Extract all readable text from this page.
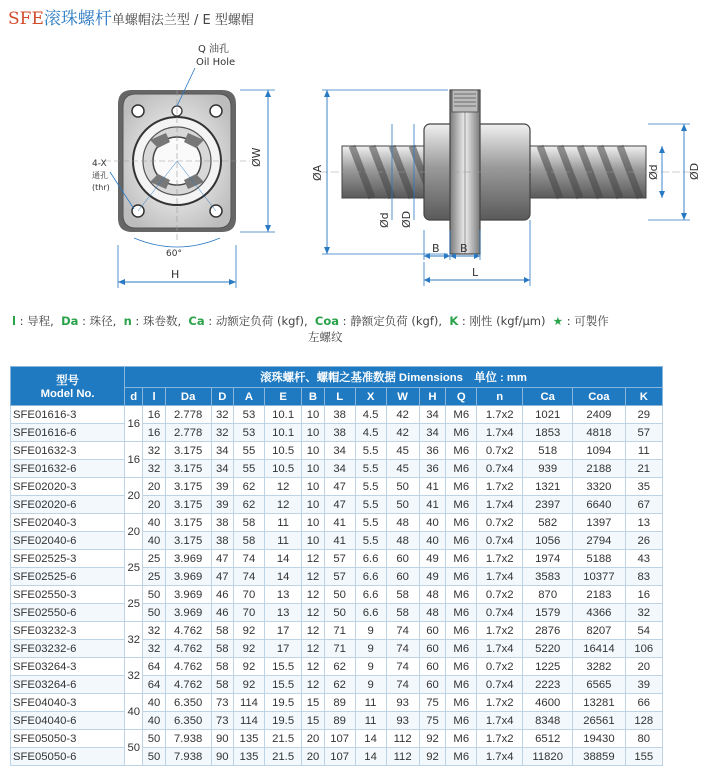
SFE滚珠螺杆单螺帽法兰型 / E 型螺帽
Q 油孔
Oil Hole
4-X
通孔
(thr)
60°
H
ØW
ØA
Ød ØD
B B
L
Ød	ØD
l : 导程, Da : 珠径, n : 珠卷数, Ca : 动额定负荷 (kgf), Coa : 静额定负荷 (kgf), K : 刚性 (kgf/μm) ★ : 可製作
左螺纹
型号
Model No.	滚珠螺杆、螺帽之基准数据 Dimensions　单位 : mm															
	d	l	Da	D	A	E	B	L	X	W	H	Q	n	Ca	Coa	K
SFE01616-3	16	16	2.778	32	53	10.1	10	38	4.5	42	34	M6	1.7x2	1021	2409	29
SFE01616-6		16	2.778	32	53	10.1	10	38	4.5	42	34	M6	1.7x4	1853	4818	57
SFE01632-3	16	32	3.175	34	55	10.5	10	34	5.5	45	36	M6	0.7x2	518	1094	11
SFE01632-6		32	3.175	34	55	10.5	10	34	5.5	45	36	M6	0.7x4	939	2188	21
SFE02020-3	20	20	3.175	39	62	12	10	47	5.5	50	41	M6	1.7x2	1321	3320	35
SFE02020-6		20	3.175	39	62	12	10	47	5.5	50	41	M6	1.7x4	2397	6640	67
SFE02040-3	20	40	3.175	38	58	11	10	41	5.5	48	40	M6	0.7x2	582	1397	13
SFE02040-6		40	3.175	38	58	11	10	41	5.5	48	40	M6	0.7x4	1056	2794	26
SFE02525-3	25	25	3.969	47	74	14	12	57	6.6	60	49	M6	1.7x2	1974	5188	43
SFE02525-6		25	3.969	47	74	14	12	57	6.6	60	49	M6	1.7x4	3583	10377	83
SFE02550-3	25	50	3.969	46	70	13	12	50	6.6	58	48	M6	0.7x2	870	2183	16
SFE02550-6		50	3.969	46	70	13	12	50	6.6	58	48	M6	0.7x4	1579	4366	32
SFE03232-3	32	32	4.762	58	92	17	12	71	9	74	60	M6	1.7x2	2876	8207	54
SFE03232-6		32	4.762	58	92	17	12	71	9	74	60	M6	1.7x4	5220	16414	106
SFE03264-3	32	64	4.762	58	92	15.5	12	62	9	74	60	M6	0.7x2	1225	3282	20
SFE03264-6		64	4.762	58	92	15.5	12	62	9	74	60	M6	0.7x4	2223	6565	39
SFE04040-3	40	40	6.350	73	114	19.5	15	89	11	93	75	M6	1.7x2	4600	13281	66
SFE04040-6		40	6.350	73	114	19.5	15	89	11	93	75	M6	1.7x4	8348	26561	128
SFE05050-3	50	50	7.938	90	135	21.5	20	107	14	112	92	M6	1.7x2	6512	19430	80
SFE05050-6		50	7.938	90	135	21.5	20	107	14	112	92	M6	1.7x4	11820	38859	155
